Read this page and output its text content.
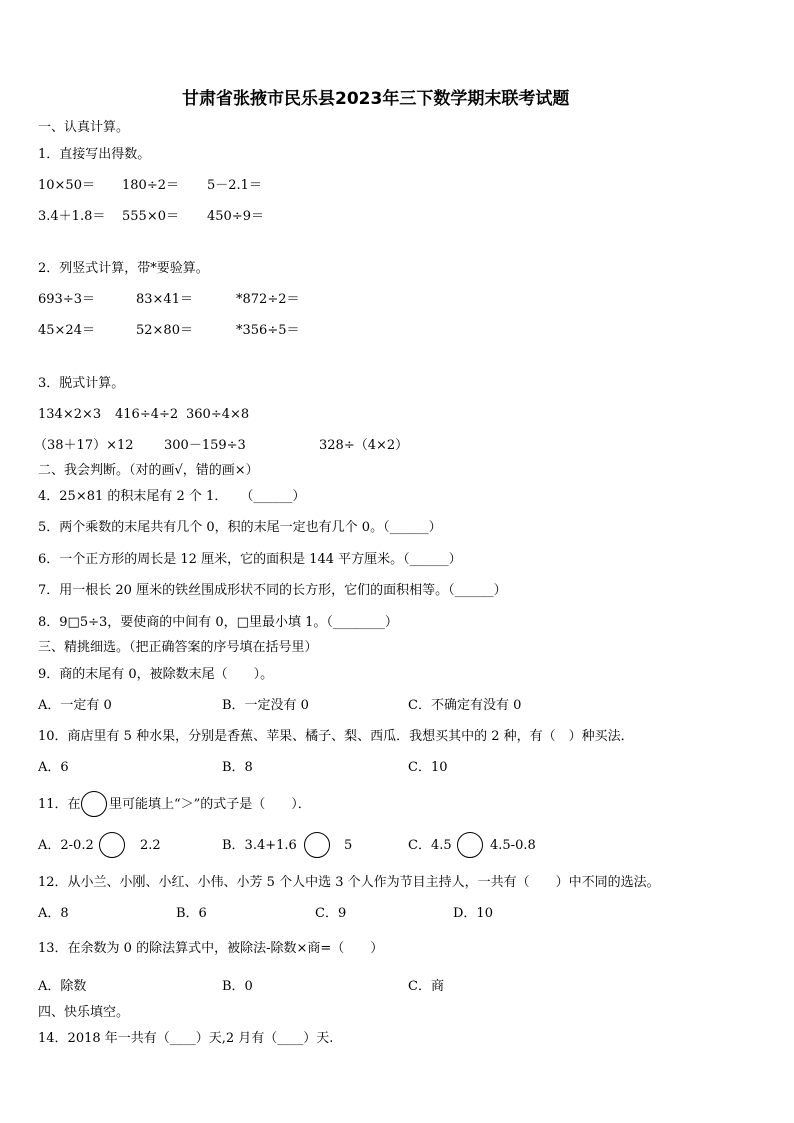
甘肃省张掖市民乐县2023年三下数学期末联考试题
一、认真计算。
1．直接写出得数。
10×50＝ 180÷2＝ 5－2.1＝
3.4＋1.8＝ 555×0＝ 450÷9＝
2．列竖式计算，带*要验算。
693÷3＝	83×41＝	*872÷2＝
45×24＝	52×80＝	*356÷5＝
3．脱式计算。
134×2×3 416÷4÷2 360÷4×8
（38＋17）×12 300－159÷3	328÷（4×2）
二、我会判断。（对的画√，错的画×）
4．25×81 的积末尾有 2 个 1．　　（______）
5．两个乘数的末尾共有几个 0，积的末尾一定也有几个 0。（______）
6．一个正方形的周长是 12 厘米，它的面积是 144 平方厘米。（______）
7．用一根长 20 厘米的铁丝围成形状不同的长方形，它们的面积相等。（______）
8．9□5÷3，要使商的中间有 0，□里最小填 1。（________）
三、精挑细选。（把正确答案的序号填在括号里）
9．商的末尾有 0，被除数末尾（　　）。
A．一定有 0	B．一定没有 0	C．不确定有没有 0
10．商店里有 5 种水果，分别是香蕉、苹果、橘子、梨、西瓜．我想买其中的 2 种，有（　）种买法．
A．6	B．8	C．10
11．在 里可能填上“＞”的式子是（　　）．
A．2-0.2	2.2	B．3.4+1.6	5	C．4.5	4.5-0.8
12．从小兰、小刚、小红、小伟、小芳 5 个人中选 3 个人作为节目主持人，一共有（　　）中不同的选法。
A．8	B．6	C．9	D．10
13．在余数为 0 的除法算式中，被除法-除数×商=（　　）
A．除数	B．0	C．商
四、快乐填空。
14．2018 年一共有（____）天,2 月有（____）天.
